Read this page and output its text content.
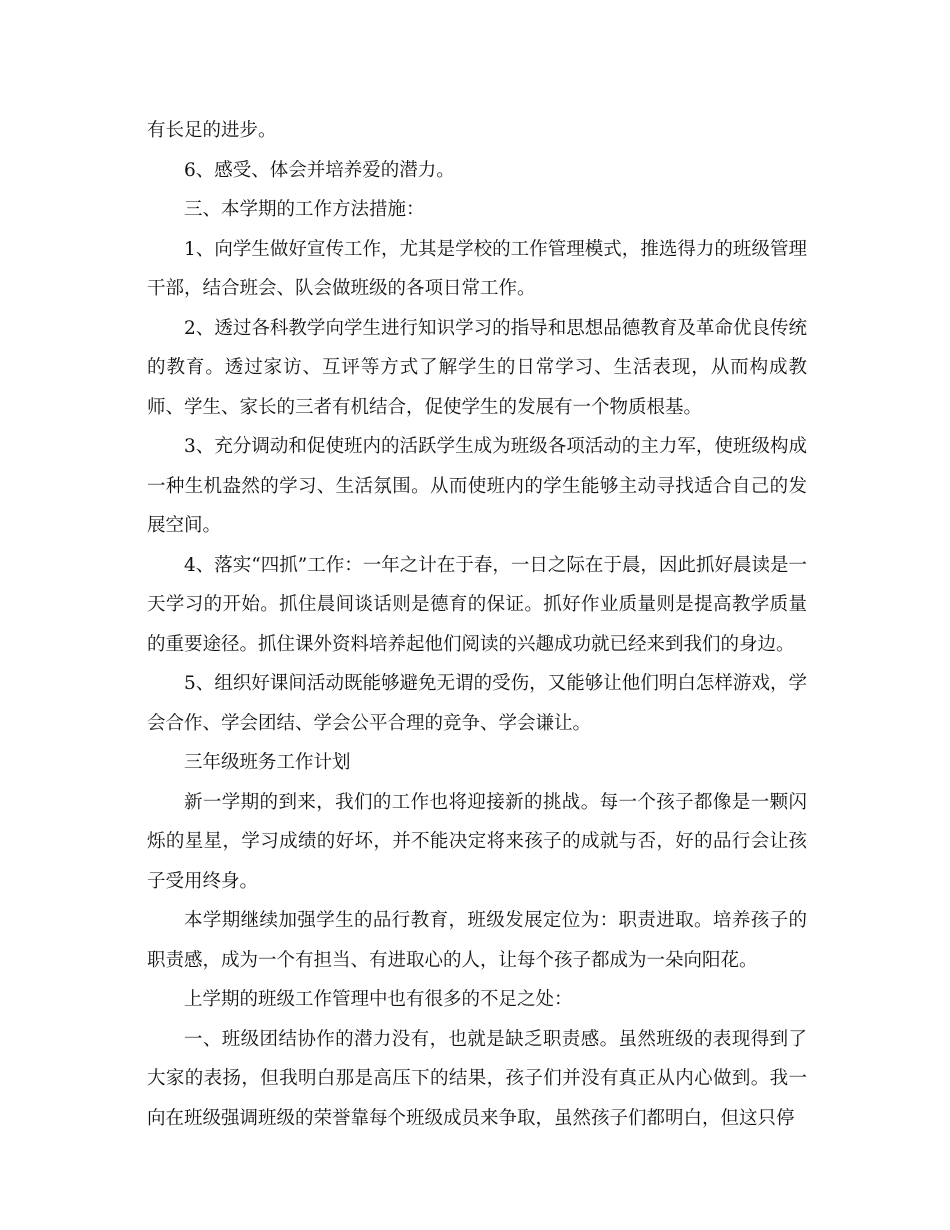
有长足的进步。

6、感受、体会并培养爱的潜力。

三、本学期的工作方法措施：

1、向学生做好宣传工作，尤其是学校的工作管理模式，推选得力的班级管理干部，结合班会、队会做班级的各项日常工作。

2、透过各科教学向学生进行知识学习的指导和思想品德教育及革命优良传统的教育。透过家访、互评等方式了解学生的日常学习、生活表现，从而构成教师、学生、家长的三者有机结合，促使学生的发展有一个物质根基。

3、充分调动和促使班内的活跃学生成为班级各项活动的主力军，使班级构成一种生机盎然的学习、生活氛围。从而使班内的学生能够主动寻找适合自己的发展空间。

4、落实“四抓”工作：一年之计在于春，一日之际在于晨，因此抓好晨读是一天学习的开始。抓住晨间谈话则是德育的保证。抓好作业质量则是提高教学质量的重要途径。抓住课外资料培养起他们阅读的兴趣成功就已经来到我们的身边。

5、组织好课间活动既能够避免无谓的受伤，又能够让他们明白怎样游戏，学会合作、学会团结、学会公平合理的竞争、学会谦让。

三年级班务工作计划

新一学期的到来，我们的工作也将迎接新的挑战。每一个孩子都像是一颗闪烁的星星，学习成绩的好坏，并不能决定将来孩子的成就与否，好的品行会让孩子受用终身。

本学期继续加强学生的品行教育，班级发展定位为：职责进取。培养孩子的职责感，成为一个有担当、有进取心的人，让每个孩子都成为一朵向阳花。

上学期的班级工作管理中也有很多的不足之处：

一、班级团结协作的潜力没有，也就是缺乏职责感。虽然班级的表现得到了大家的表扬，但我明白那是高压下的结果，孩子们并没有真正从内心做到。我一向在班级强调班级的荣誉靠每个班级成员来争取，虽然孩子们都明白，但这只停
